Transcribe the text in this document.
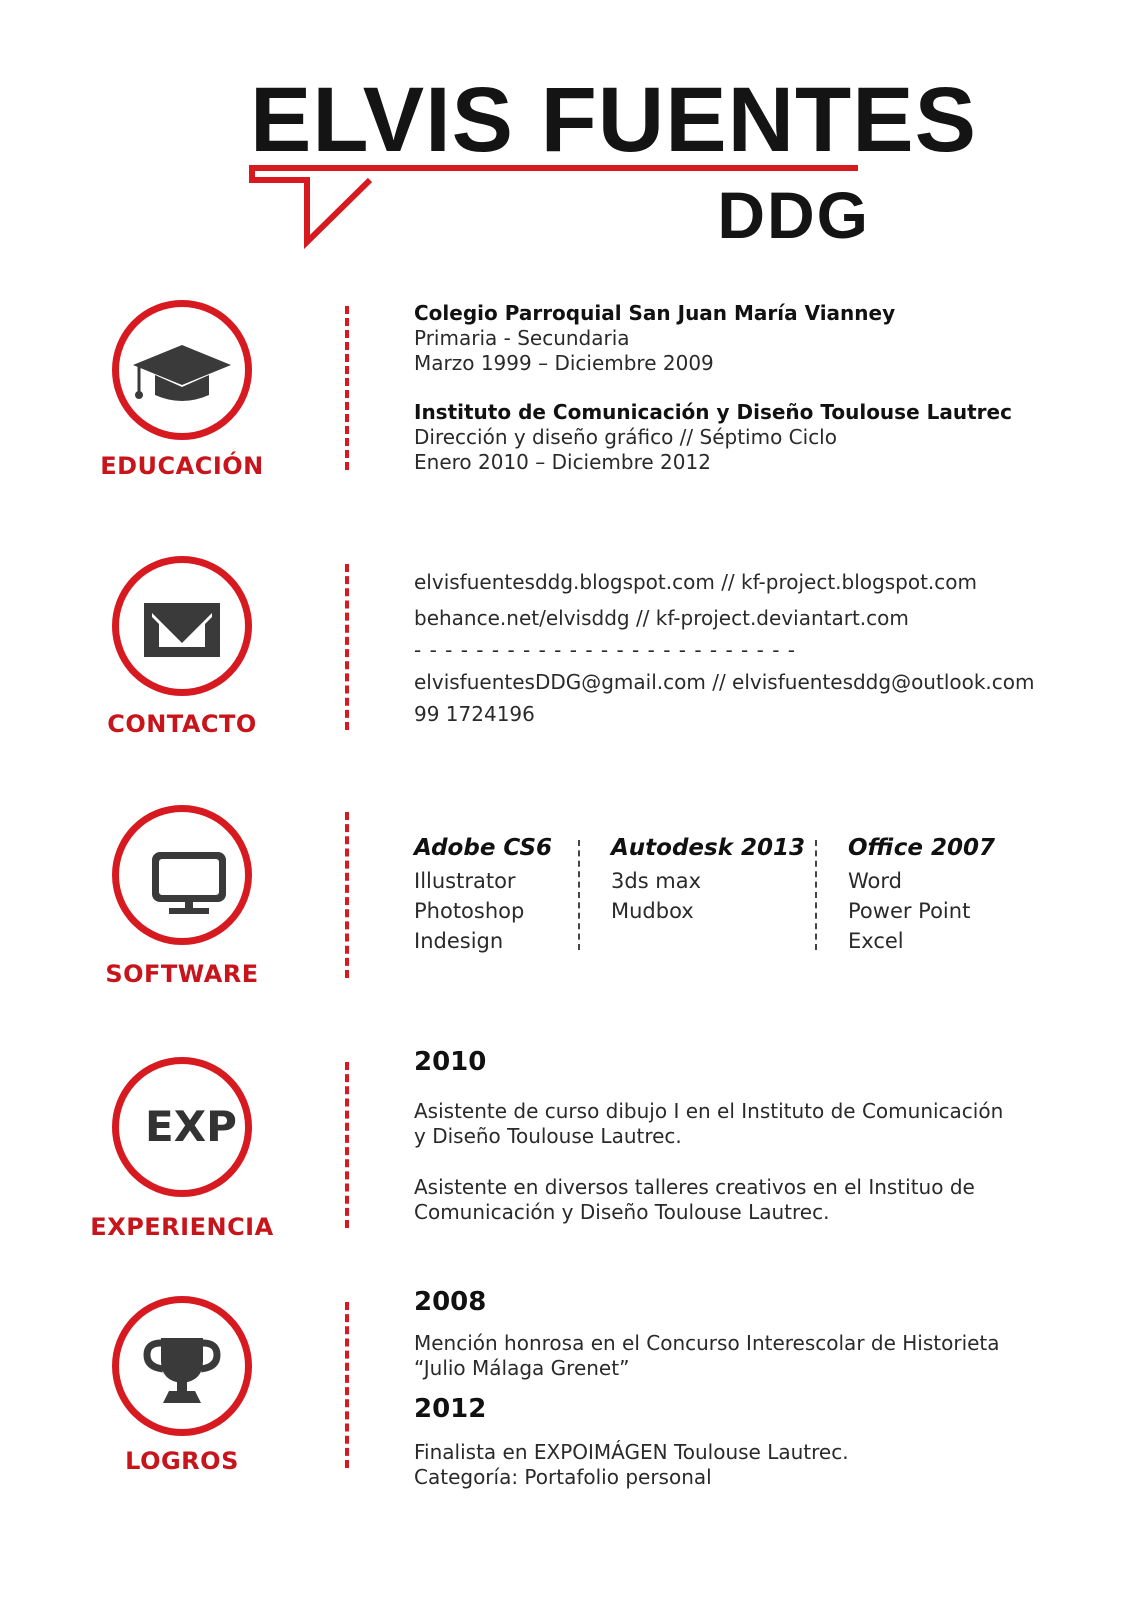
ELVIS FUENTES
DDG
EDUCACIÓN
Colegio Parroquial San Juan María Vianney
Primaria - Secundaria
Marzo 1999 – Diciembre 2009
Instituto de Comunicación y Diseño Toulouse Lautrec
Dirección y diseño gráfico // Séptimo Ciclo
Enero 2010 – Diciembre 2012
CONTACTO
elvisfuentesddg.blogspot.com // kf-project.blogspot.com
behance.net/elvisddg // kf-project.deviantart.com
- - - - - - - - - - - - - - - - - - - - - - - - -
elvisfuentesDDG@gmail.com // elvisfuentesddg@outlook.com
99 1724196
SOFTWARE
Adobe CS6
Illustrator
Photoshop
Indesign
Autodesk 2013
3ds max
Mudbox
Office 2007
Word
Power Point
Excel
EXP
EXPERIENCIA
2010
Asistente de curso dibujo I en el Instituto de Comunicación
y Diseño Toulouse Lautrec.
Asistente en diversos talleres creativos en el Instituo de
Comunicación y Diseño Toulouse Lautrec.
LOGROS
2008
Mención honrosa en el Concurso Interescolar de Historieta
“Julio Málaga Grenet”
2012
Finalista en EXPOIMÁGEN Toulouse Lautrec.
Categoría: Portafolio personal
